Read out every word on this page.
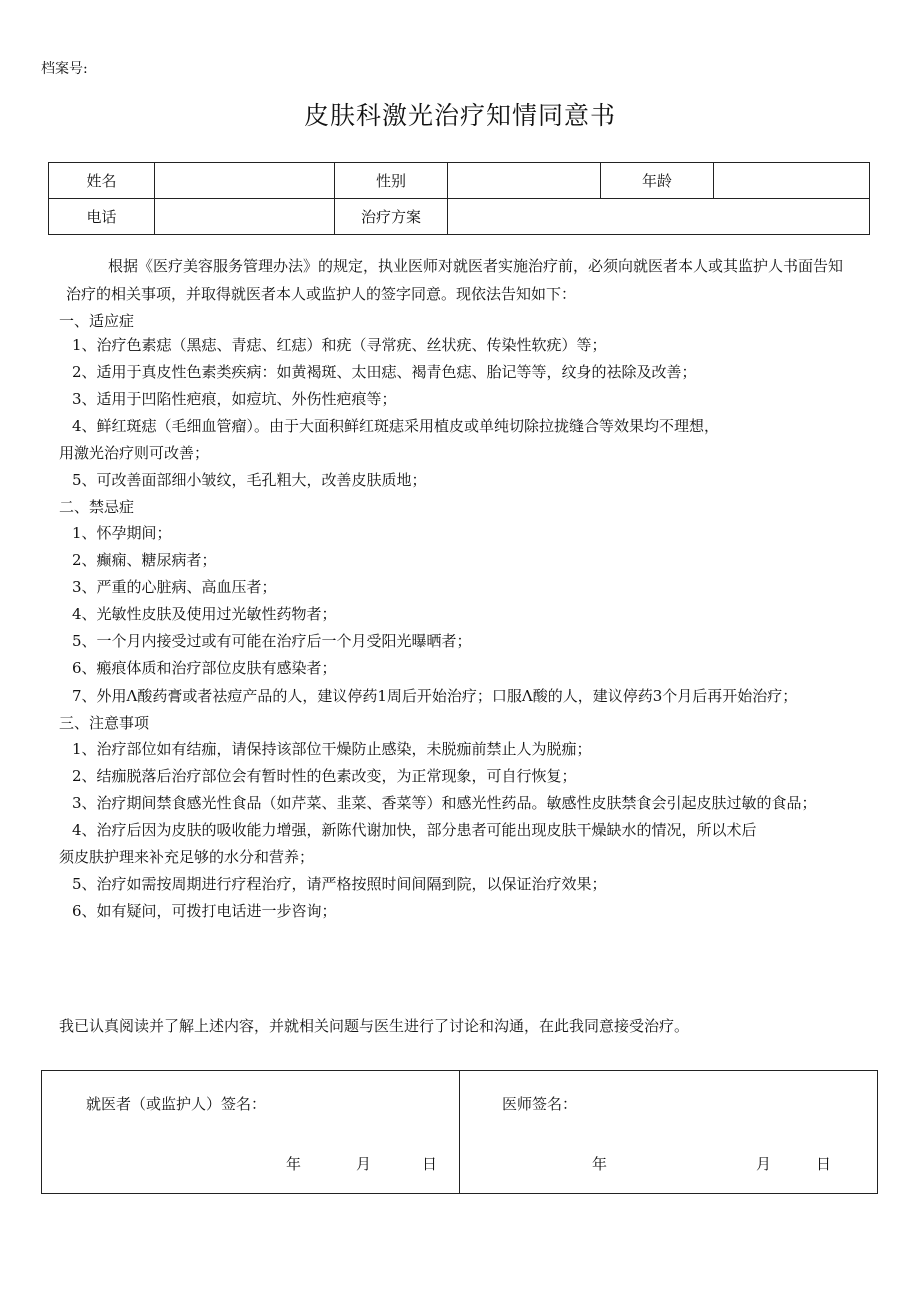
档案号:
皮肤科激光治疗知情同意书
姓名		性别		年龄	
电话		治疗方案			
根据《医疗美容服务管理办法》的规定，执业医师对就医者实施治疗前，必须向就医者本人或其监护人书面告知
治疗的相关事项，并取得就医者本人或监护人的签字同意。现依法告知如下：
一、适应症
1、治疗色素痣（黑痣、青痣、红痣）和疣（寻常疣、丝状疣、传染性软疣）等；
2、适用于真皮性色素类疾病：如黄褐斑、太田痣、褐青色痣、胎记等等，纹身的祛除及改善；
3、适用于凹陷性疤痕，如痘坑、外伤性疤痕等；
4、鲜红斑痣（毛细血管瘤）。由于大面积鲜红斑痣采用植皮或单纯切除拉拢缝合等效果均不理想，
用激光治疗则可改善；
5、可改善面部细小皱纹，毛孔粗大，改善皮肤质地；
二、禁忌症
1、怀孕期间；
2、癫痫、糖尿病者；
3、严重的心脏病、高血压者；
4、光敏性皮肤及使用过光敏性药物者；
5、一个月内接受过或有可能在治疗后一个月受阳光曝晒者；
6、瘢痕体质和治疗部位皮肤有感染者；
7、外用Λ酸药膏或者祛痘产品的人，建议停药1周后开始治疗；口服Λ酸的人，建议停药3个月后再开始治疗；
三、注意事项
1、治疗部位如有结痂，请保持该部位干燥防止感染，未脱痂前禁止人为脱痂；
2、结痂脱落后治疗部位会有暂时性的色素改变，为正常现象，可自行恢复；
3、治疗期间禁食感光性食品（如芹菜、韭菜、香菜等）和感光性药品。敏感性皮肤禁食会引起皮肤过敏的食品；
4、治疗后因为皮肤的吸收能力增强，新陈代谢加快，部分患者可能出现皮肤干燥缺水的情况，所以术后
须皮肤护理来补充足够的水分和营养；
5、治疗如需按周期进行疗程治疗，请严格按照时间间隔到院，以保证治疗效果；
6、如有疑问，可拨打电话进一步咨询；
我已认真阅读并了解上述内容，并就相关问题与医生进行了讨论和沟通，在此我同意接受治疗。
就医者（或监护人）签名：
年	月	日

医师签名：
年	月	日
